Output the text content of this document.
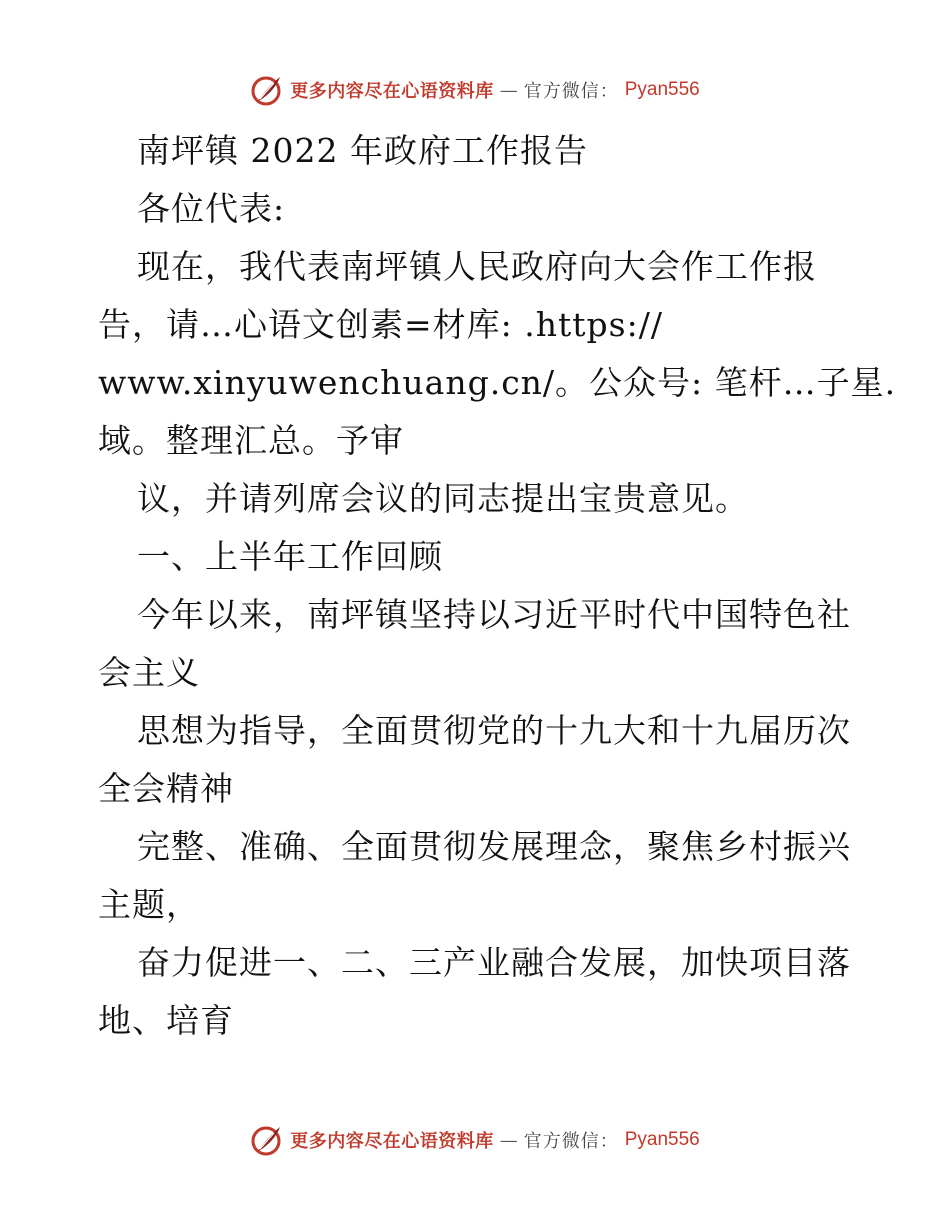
更多内容尽在心语资料库 — 官方微信： Pyan556
南坪镇 2022 年政府工作报告
各位代表:
现在，我代表南坪镇人民政府向大会作工作报
告，请…心语文创素=材库: .https://
www.xinyuwenchuang.cn/。公众号: 笔杆…子星.
域。整理汇总。予审
议，并请列席会议的同志提出宝贵意见。
一、上半年工作回顾
今年以来，南坪镇坚持以习近平时代中国特色社
会主义
思想为指导，全面贯彻党的十九大和十九届历次
全会精神
完整、准确、全面贯彻发展理念，聚焦乡村振兴
主题，
奋力促进一、二、三产业融合发展，加快项目落
地、培育
更多内容尽在心语资料库 — 官方微信： Pyan556
